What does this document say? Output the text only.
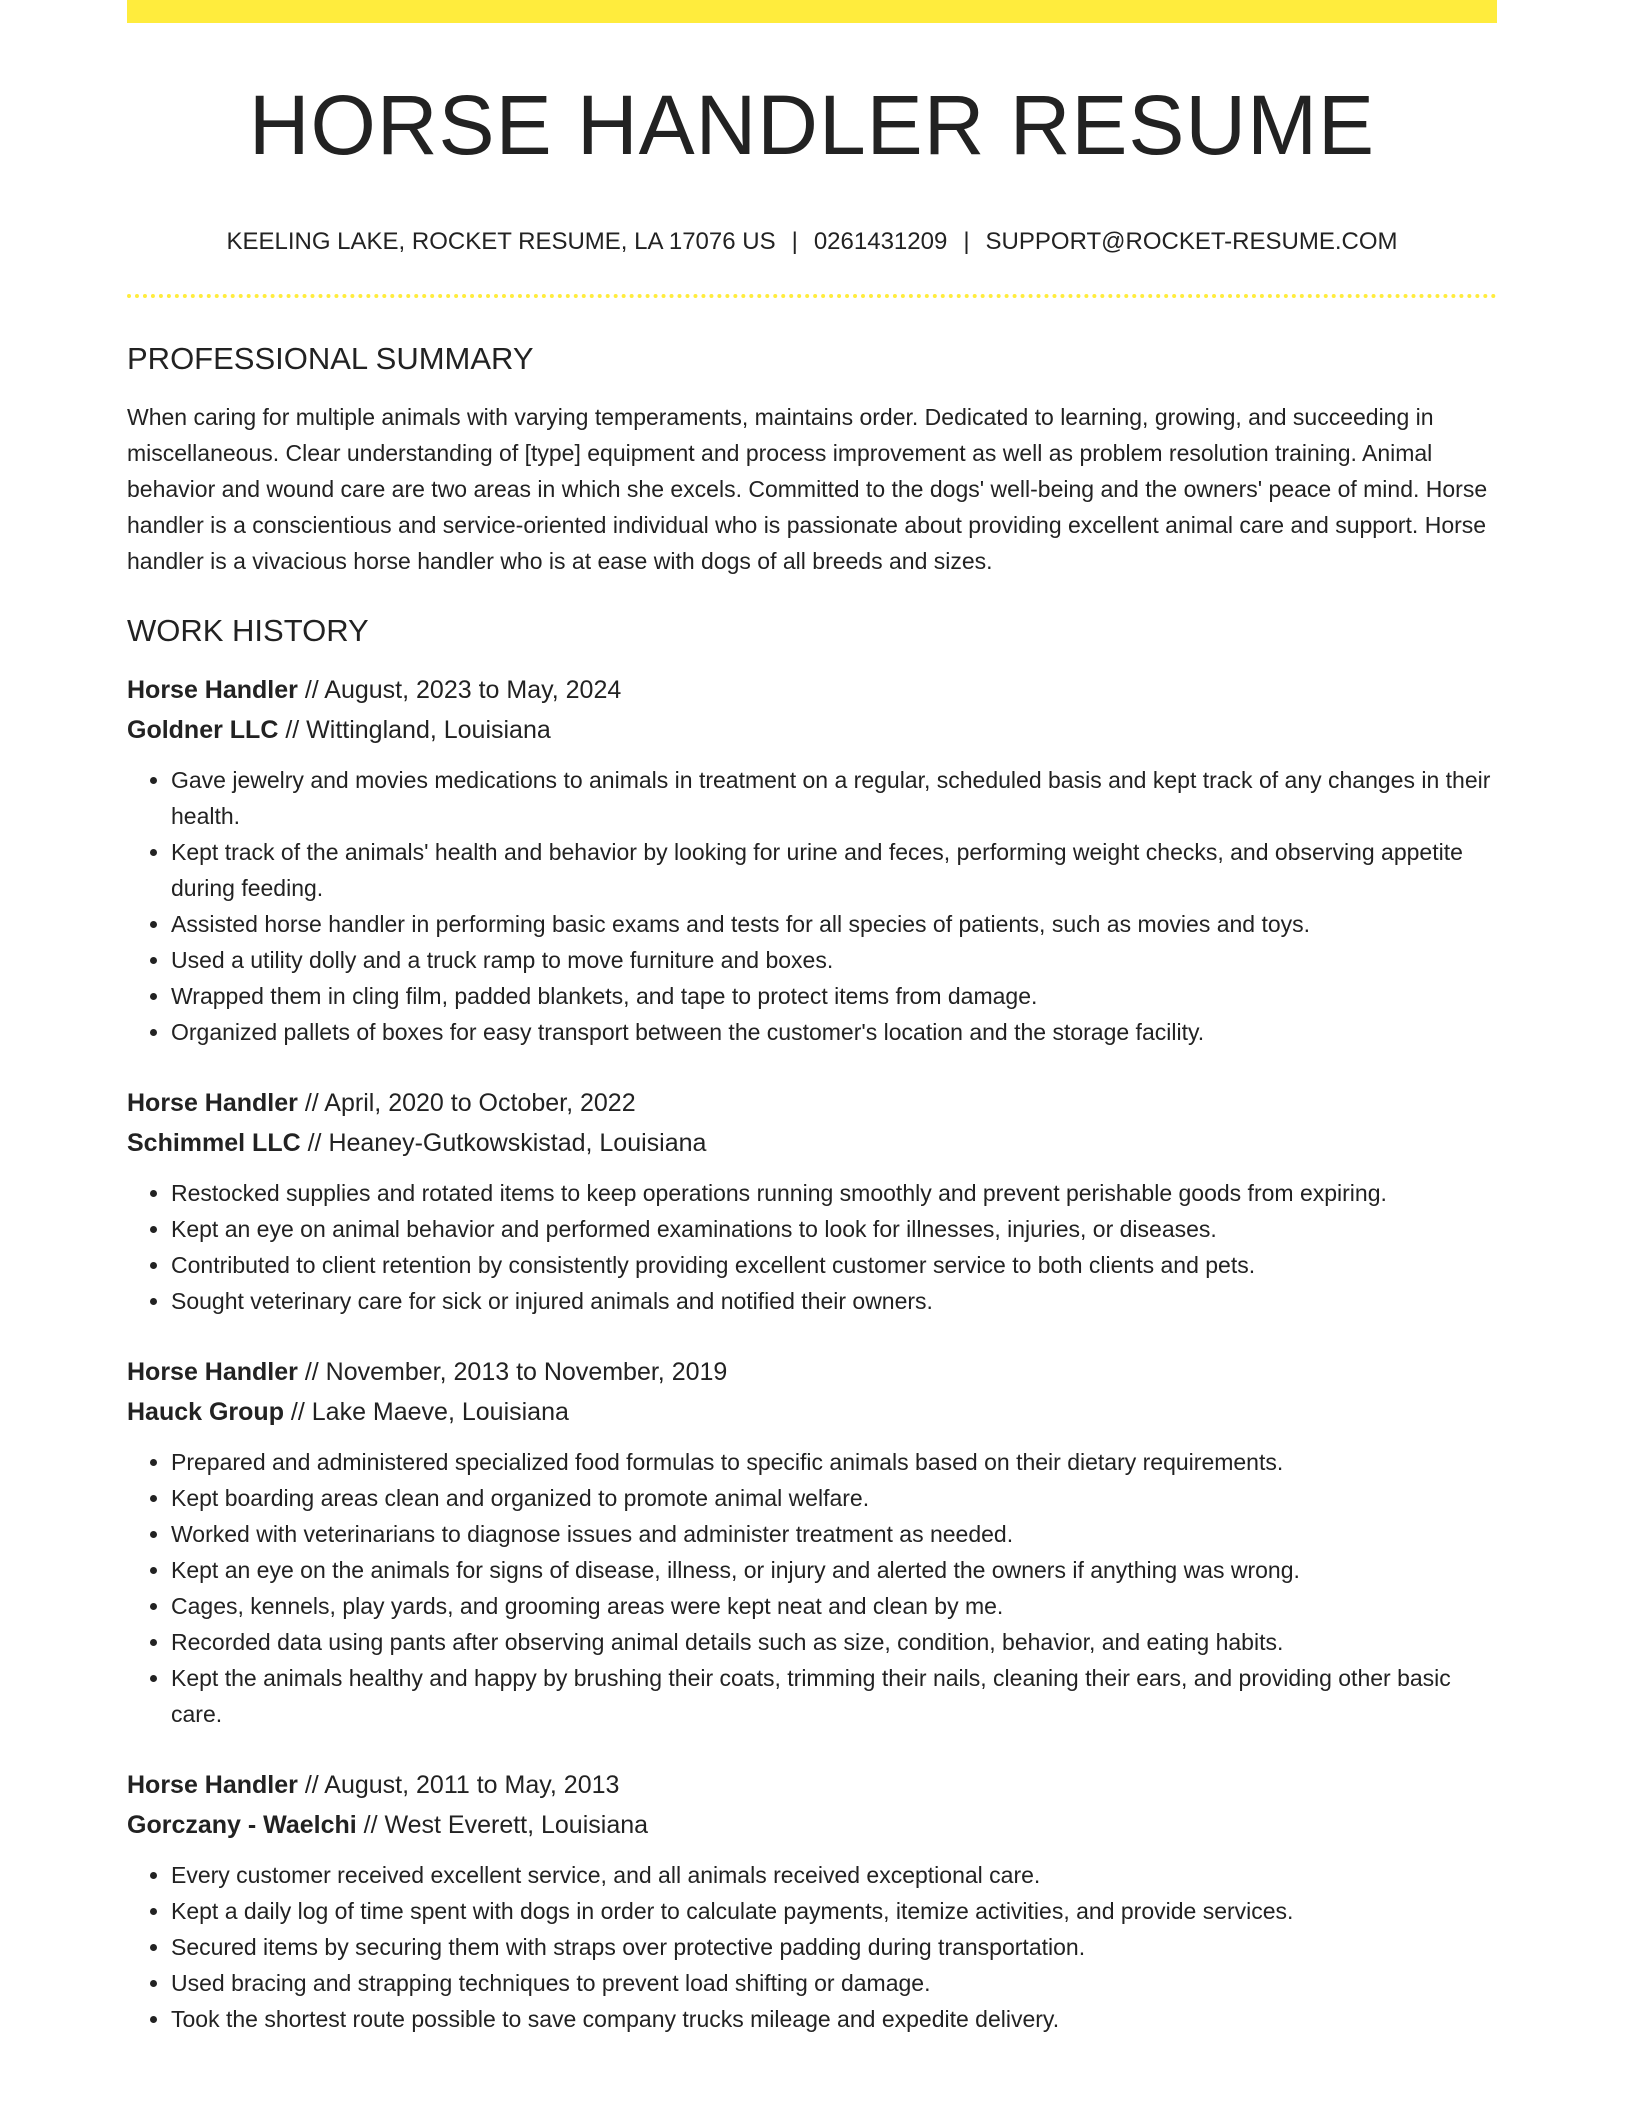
HORSE HANDLER RESUME
KEELING LAKE, ROCKET RESUME, LA 17076 US | 0261431209 | SUPPORT@ROCKET-RESUME.COM
PROFESSIONAL SUMMARY

When caring for multiple animals with varying temperaments, maintains order. Dedicated to learning, growing, and succeeding in miscellaneous. Clear understanding of [type] equipment and process improvement as well as problem resolution training. Animal behavior and wound care are two areas in which she excels. Committed to the dogs' well-being and the owners' peace of mind. Horse handler is a conscientious and service-oriented individual who is passionate about providing excellent animal care and support. Horse handler is a vivacious horse handler who is at ease with dogs of all breeds and sizes.

WORK HISTORY
Horse Handler // August, 2023 to May, 2024
Goldner LLC // Wittingland, Louisiana
• Gave jewelry and movies medications to animals in treatment on a regular, scheduled basis and kept track of any changes in their health.
• Kept track of the animals' health and behavior by looking for urine and feces, performing weight checks, and observing appetite during feeding.
• Assisted horse handler in performing basic exams and tests for all species of patients, such as movies and toys.
• Used a utility dolly and a truck ramp to move furniture and boxes.
• Wrapped them in cling film, padded blankets, and tape to protect items from damage.
• Organized pallets of boxes for easy transport between the customer's location and the storage facility.
Horse Handler // April, 2020 to October, 2022
Schimmel LLC // Heaney-Gutkowskistad, Louisiana
• Restocked supplies and rotated items to keep operations running smoothly and prevent perishable goods from expiring.
• Kept an eye on animal behavior and performed examinations to look for illnesses, injuries, or diseases.
• Contributed to client retention by consistently providing excellent customer service to both clients and pets.
• Sought veterinary care for sick or injured animals and notified their owners.
Horse Handler // November, 2013 to November, 2019
Hauck Group // Lake Maeve, Louisiana
• Prepared and administered specialized food formulas to specific animals based on their dietary requirements.
• Kept boarding areas clean and organized to promote animal welfare.
• Worked with veterinarians to diagnose issues and administer treatment as needed.
• Kept an eye on the animals for signs of disease, illness, or injury and alerted the owners if anything was wrong.
• Cages, kennels, play yards, and grooming areas were kept neat and clean by me.
• Recorded data using pants after observing animal details such as size, condition, behavior, and eating habits.
• Kept the animals healthy and happy by brushing their coats, trimming their nails, cleaning their ears, and providing other basic care.
Horse Handler // August, 2011 to May, 2013
Gorczany - Waelchi // West Everett, Louisiana
• Every customer received excellent service, and all animals received exceptional care.
• Kept a daily log of time spent with dogs in order to calculate payments, itemize activities, and provide services.
• Secured items by securing them with straps over protective padding during transportation.
• Used bracing and strapping techniques to prevent load shifting or damage.
• Took the shortest route possible to save company trucks mileage and expedite delivery.
